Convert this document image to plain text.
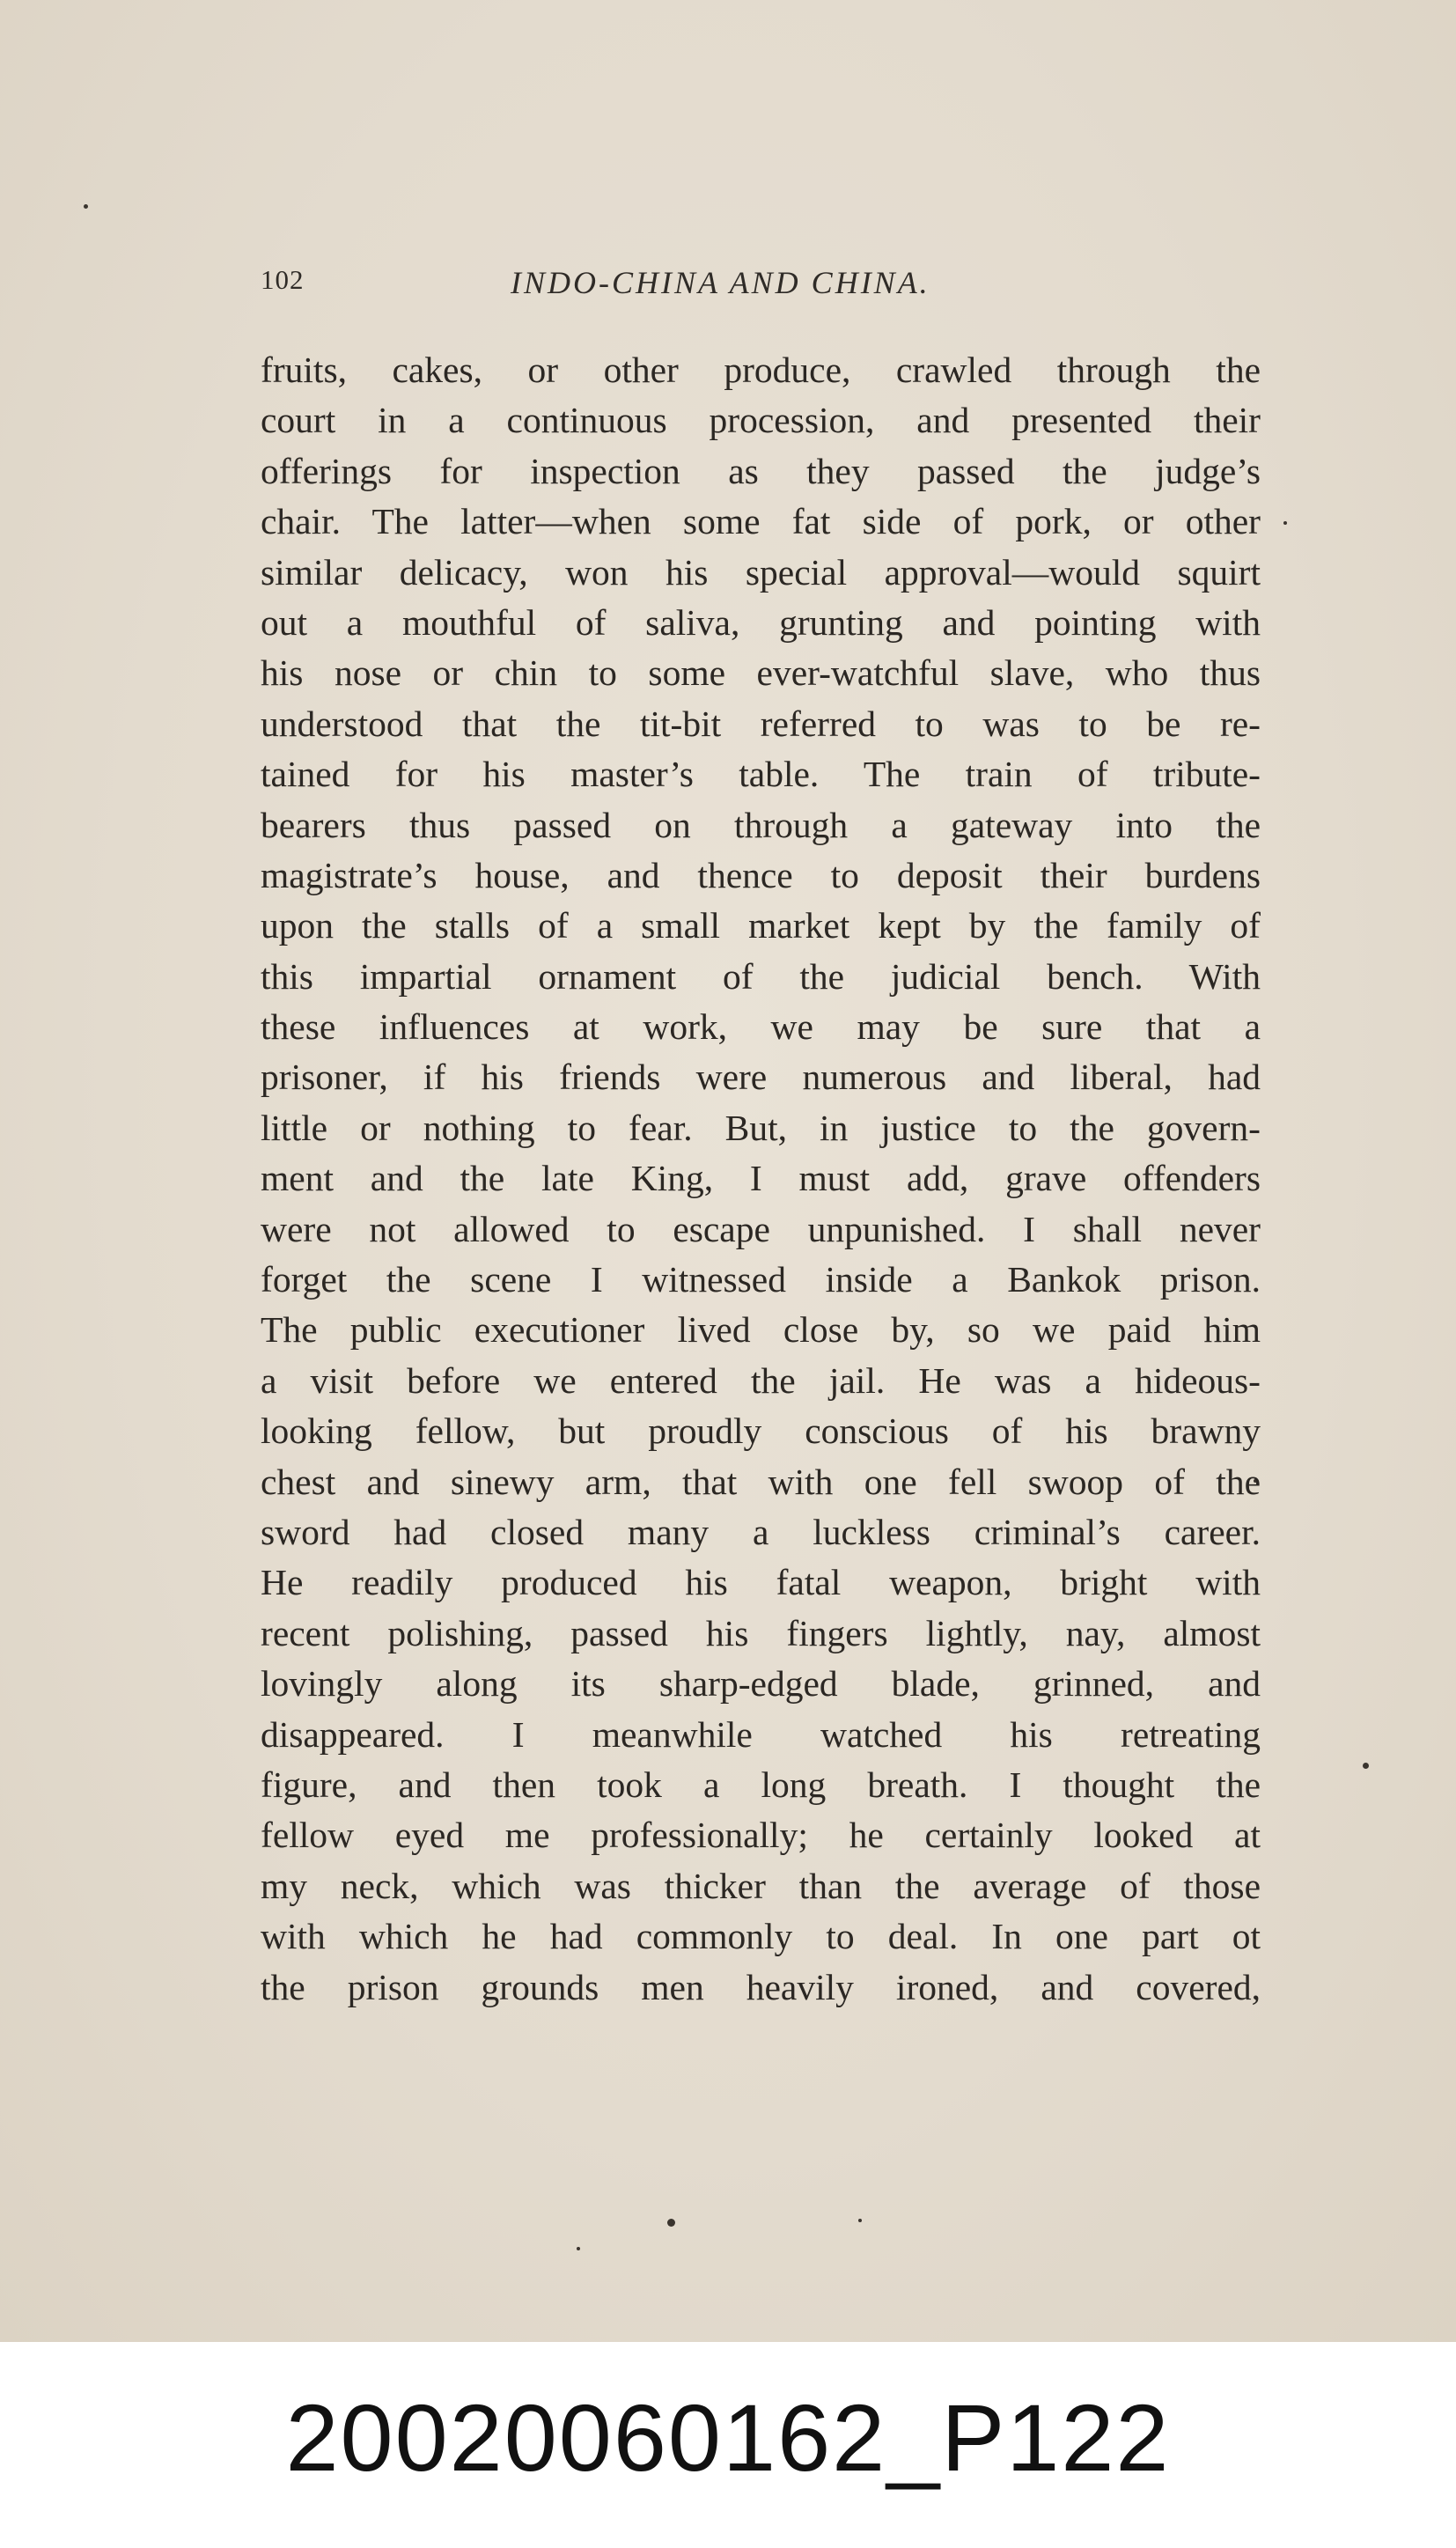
102	INDO-CHINA AND CHINA.
fruits, cakes, or other produce, crawled through the
court in a continuous procession, and presented their
offerings for inspection as they passed the judge’s
chair. The latter—when some fat side of pork, or other
similar delicacy, won his special approval—would squirt
out a mouthful of saliva, grunting and pointing with
his nose or chin to some ever-watchful slave, who thus
understood that the tit-bit referred to was to be re-
tained for his master’s table. The train of tribute-
bearers thus passed on through a gateway into the
magistrate’s house, and thence to deposit their burdens
upon the stalls of a small market kept by the family of
this impartial ornament of the judicial bench. With
these influences at work, we may be sure that a
prisoner, if his friends were numerous and liberal, had
little or nothing to fear. But, in justice to the govern-
ment and the late King, I must add, grave offenders
were not allowed to escape unpunished. I shall never
forget the scene I witnessed inside a Bankok prison.
The public executioner lived close by, so we paid him
a visit before we entered the jail. He was a hideous-
looking fellow, but proudly conscious of his brawny
chest and sinewy arm, that with one fell swoop of the
sword had closed many a luckless criminal’s career.
He readily produced his fatal weapon, bright with
recent polishing, passed his fingers lightly, nay, almost
lovingly along its sharp-edged blade, grinned, and
disappeared. I meanwhile watched his retreating
figure, and then took a long breath. I thought the
fellow eyed me professionally; he certainly looked at
my neck, which was thicker than the average of those
with which he had commonly to deal. In one part ot
the prison grounds men heavily ironed, and covered,
20020060162_P122
